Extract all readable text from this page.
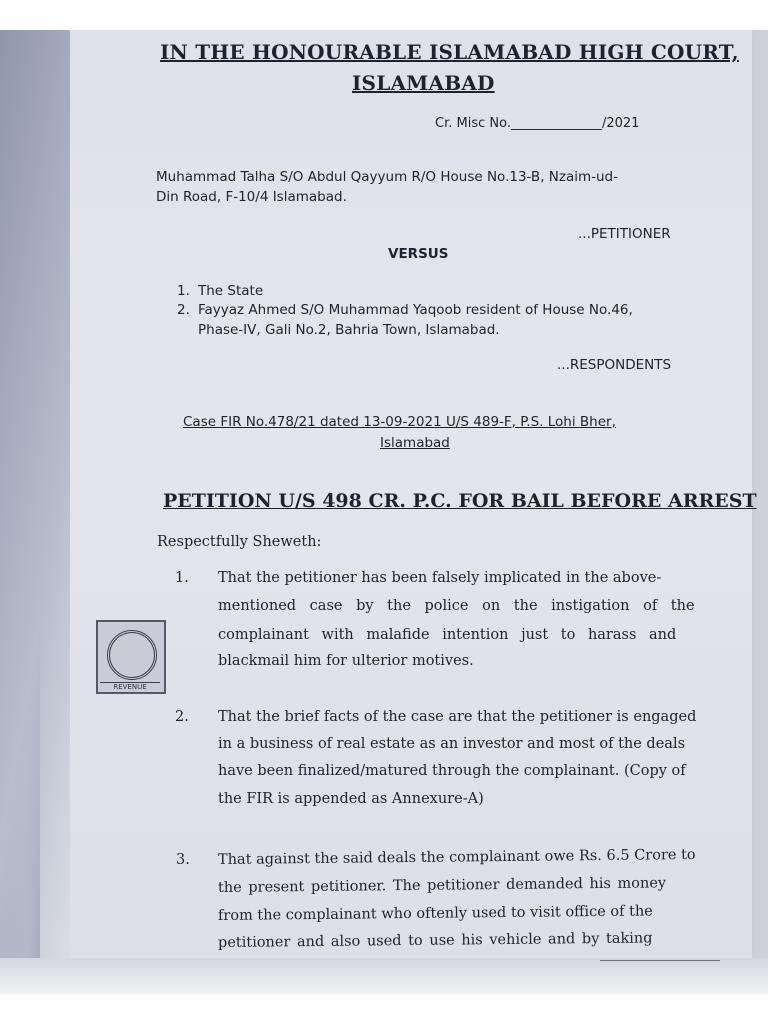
IN THE HONOURABLE ISLAMABAD HIGH COURT,
ISLAMABAD
Cr. Misc No.______________/2021
Muhammad Talha S/O Abdul Qayyum R/O House No.13-B, Nzaim-ud-
Din Road, F-10/4 Islamabad.
...PETITIONER
VERSUS
1. The State
2. Fayyaz Ahmed S/O Muhammad Yaqoob resident of House No.46,
Phase-IV, Gali No.2, Bahria Town, Islamabad.
...RESPONDENTS
Case FIR No.478/21 dated 13-09-2021 U/S 489-F, P.S. Lohi Bher,
Islamabad
PETITION U/S 498 CR. P.C. FOR BAIL BEFORE ARREST
Respectfully Sheweth:
REVENUE
1. That the petitioner has been falsely implicated in the above-
mentioned case by the police on the instigation of the
complainant with malafide intention just to harass and
blackmail him for ulterior motives.
2. That the brief facts of the case are that the petitioner is engaged
in a business of real estate as an investor and most of the deals
have been finalized/matured through the complainant. (Copy of
the FIR is appended as Annexure-A)
3. That against the said deals the complainant owe Rs. 6.5 Crore to
the present petitioner. The petitioner demanded his money
from the complainant who oftenly used to visit office of the
petitioner and also used to use his vehicle and by taking
